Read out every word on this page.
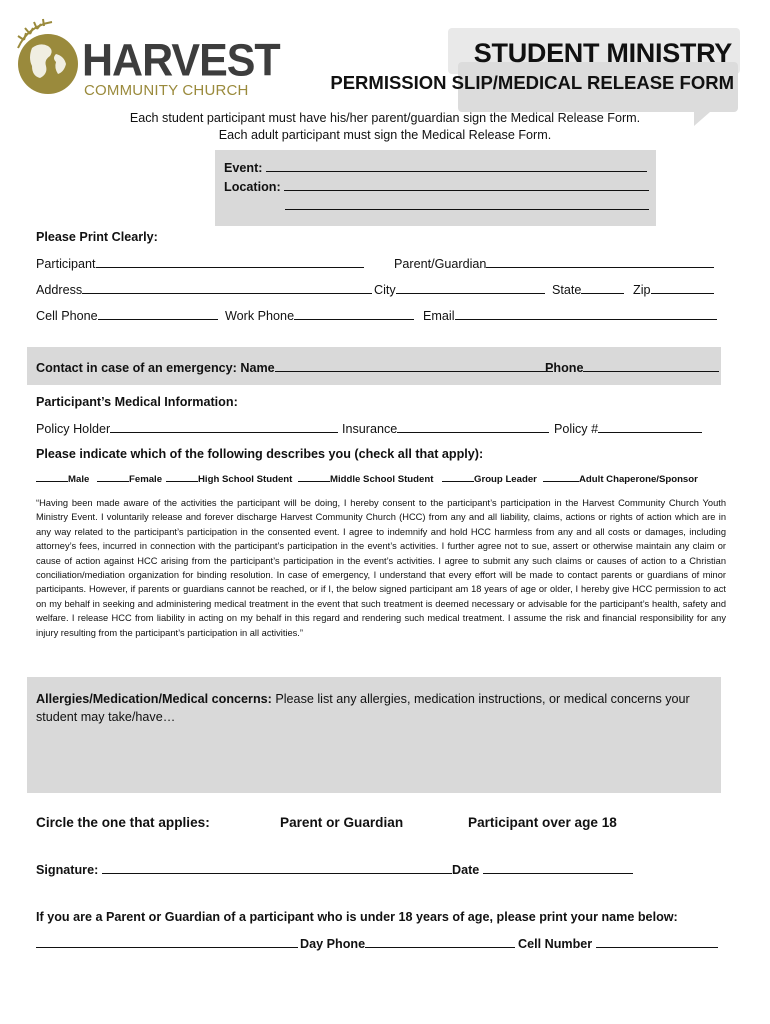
HARVEST
COMMUNITY CHURCH
STUDENT MINISTRY
PERMISSION SLIP/MEDICAL RELEASE FORM
Each student participant must have his/her parent/guardian sign the Medical Release Form.
Each adult participant must sign the Medical Release Form.
Event:
Location:
Please Print Clearly:
Participant	Parent/Guardian
Address	City	State	Zip
Cell Phone	Work Phone	Email
Contact in case of an emergency: Name	Phone
Participant’s Medical Information:
Policy Holder	Insurance	Policy #
Please indicate which of the following describes you (check all that apply):
Male	Female	High School Student	Middle School Student	Group Leader	Adult Chaperone/Sponsor
“Having been made aware of the activities the participant will be doing, I hereby consent to the participant’s participation in the Harvest Community Church Youth Ministry Event. I voluntarily release and forever discharge Harvest Community Church (HCC) from any and all liability, claims, actions or rights of action which are in any way related to the participant’s participation in the consented event. I agree to indemnify and hold HCC harmless from any and all costs or damages, including attorney’s fees, incurred in connection with the participant’s participation in the event’s activities. I further agree not to sue, assert or otherwise maintain any claim or cause of action against HCC arising from the participant’s participation in the event’s activities. I agree to submit any such claims or causes of action to a Christian conciliation/mediation organization for binding resolution. In case of emergency, I understand that every effort will be made to contact parents or guardians of minor participants. However, if parents or guardians cannot be reached, or if I, the below signed participant am 18 years of age or older, I hereby give HCC permission to act on my behalf in seeking and administering medical treatment in the event that such treatment is deemed necessary or advisable for the participant’s health, safety and welfare. I release HCC from liability in acting on my behalf in this regard and rendering such medical treatment. I assume the risk and financial responsibility for any injury resulting from the participant’s participation in all activities.”
Allergies/Medication/Medical concerns: Please list any allergies, medication instructions, or medical concerns your student may take/have…
Circle the one that applies:	Parent or Guardian	Participant over age 18
Signature:	Date
If you are a Parent or Guardian of a participant who is under 18 years of age, please print your name below:
Day Phone	Cell Number
